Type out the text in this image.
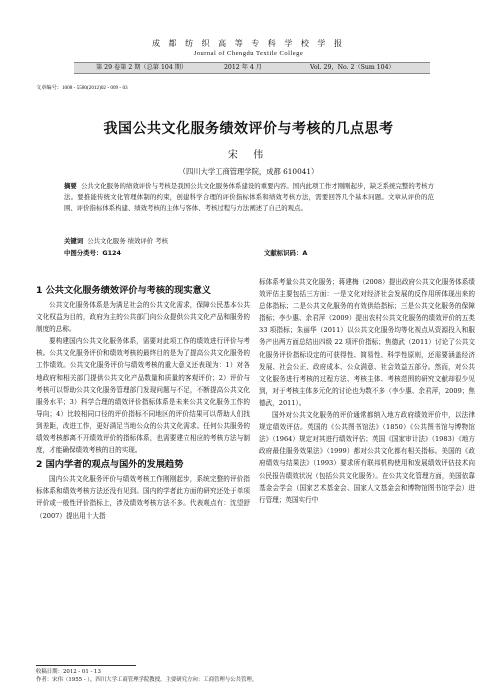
成 都 纺 织 高 等 专 科 学 校 学 报
Journal of Chengdu Textile College
第 29 卷第 2 期（总第 104 期）	2012 年 4 月	Vol. 29，No. 2（Sum 104）
文章编号：1008 - 5580(2012)02 - 009 - 03
我国公共文化服务绩效评价与考核的几点思考
宋 伟
（四川大学工商管理学院，成都 610041）
摘要 公共文化服务的绩效评价与考核是我国公共文化服务体系建设的重要内容。国内此项工作才刚刚起步，缺乏系统完整的考核方法。要推能传统文化管理体制的约束，创建科学合理的评价指标体系和绩效考核方法，需要回答几个基本问题。文章从评价的范围、评价指标体系构建、绩效考核的主体与客体、考核过程与方法阐述了自己的观点。
关键词 公共文化服务 绩效评价 考核
中图分类号：G124	文献标识码：A

1 公共文化服务绩效评价与考核的现实意义

公共文化服务体系是为满足社会的公共文化需求，保障公民基本公共文化权益为目的，政府为主的公共部门向公众提供公共文化产品和服务的制度的总称。

要构建国内公共文化服务体系，需要对此项工作的绩效进行评价与考核。公共文化服务评价和绩效考核的最终目的是为了提高公共文化服务的工作绩效。公共文化服务评价与绩效考核的重大意义还表现为：1）对各地政府和相关部门提供公共文化产品数量和质量的客观评价；2）评价与考核可以帮助公共文化服务管理部门发现问题与不足，不断提高公共文化服务水平；3）科学合理的绩效评价指标体系是未来公共文化服务工作的导向；4）比较相同口径的评价指标不同地区的评价结果可以帮助人们找到差距，改进工作，更好满足当地公众的公共文化需求。任何公共服务的绩效考核都离不开绩效评价的指标体系，也需要建立相应的考核方法与制度，才能确保绩效考核的目的实现。

2 国内学者的观点与国外的发展趋势

国内公共文化服务评价与绩效考核工作刚刚起步，系统完整的评价指标体系和绩效考核方法还没有见到。国内的学者此方面的研究还处于单项评价或一般性评价指标上，涉及绩效考核方法不多。代表观点有：沈望舒（2007）提出用十大指

标体系考量公共文化服务；蒋建梅（2008）提出政府公共文化服务体系绩效评估主要包括三方面：一是文化对经济社会发展的反作用所体现出来的总体指标；二是公共文化服务的有效供给指标；三是公共文化服务的保障指标；李少惠、余君萍（2009）提出农村公共文化服务的绩效评价的五类 33 项指标；朱丽华（2011）以公共文化服务均等化视点从资源投入和服务产出两方面总结出四级 22 项评价指标；焦德武（2011）讨论了公共文化服务评价指标设定的可获得性、简易性、科学性原则，还需要涵盖经济发展、社会公正、政府成本、公众满意、社会效益五部分。然而，对公共文化服务进行考核的过程方法、考核主体、考核范围的研究文献却很少见到，对于考核主体多元化的讨论也为数不多（李少惠、余君萍，2009；焦德武，2011）。

国外对公共文化服务的评价通常都纳入地方政府绩效评价中，以法律规定绩效评估。英国的《公共图书馆法》（1850）《公共图书馆与博物馆法》（1964）规定对其进行绩效评估；英国《国家审计法》（1983）《地方政府最佳服务效果法》（1999）都对公共文化都有相关指标。美国的《政府绩效与结果法》（1993）要求所有联邦机构使用和发展绩效评估技术向公民报告绩效状况（包括公共文化服务）。在公共文化管理方面，美国依靠基金会学会（国家艺术基金会、国家人文基金会和博物馆图书馆学会）进行管理；英国实行中

收稿日期：2012 - 01 - 13
作者：宋伟（1955 - ），四川大学工商管理学院教授。主要研究方向：工商管理与公共管理。
